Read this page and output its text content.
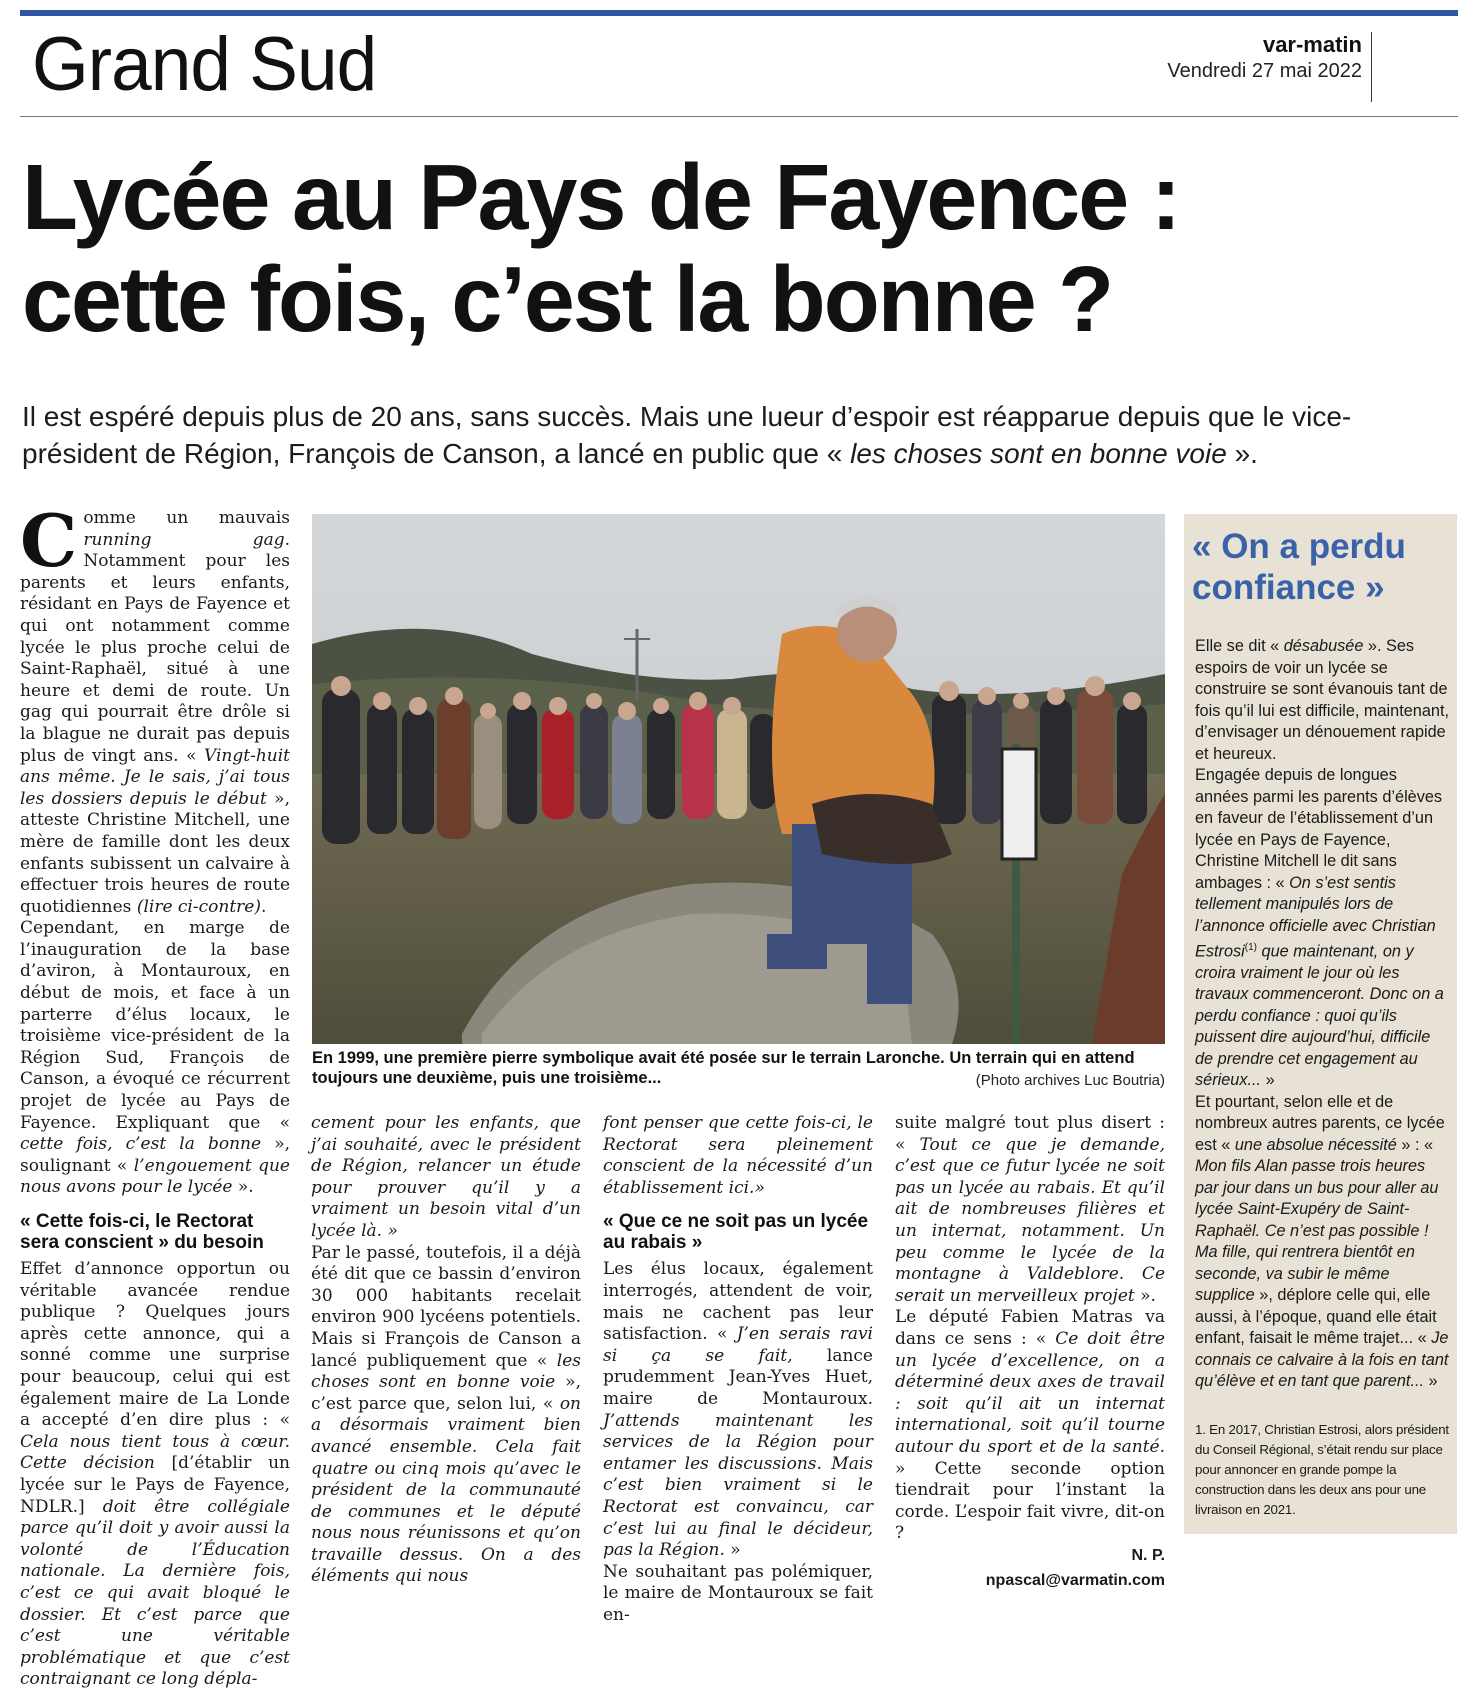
Grand Sud	var-matin
Vendredi 27 mai 2022
Lycée au Pays de Fayence :
cette fois, c’est la bonne ?
Il est espéré depuis plus de 20 ans, sans succès. Mais une lueur d’espoir est réapparue depuis que le vice-président de Région, François de Canson, a lancé en public que « les choses sont en bonne voie ».

Comme un mauvais running gag. Notamment pour les parents et leurs enfants, résidant en Pays de Fayence et qui ont notamment comme lycée le plus proche celui de Saint-Raphaël, situé à une heure et demi de route. Un gag qui pourrait être drôle si la blague ne durait pas depuis plus de vingt ans. « Vingt-huit ans même. Je le sais, j’ai tous les dossiers depuis le début », atteste Christine Mitchell, une mère de famille dont les deux enfants subissent un calvaire à effectuer trois heures de route quotidiennes (lire ci-contre).

Cependant, en marge de l’inauguration de la base d’aviron, à Montauroux, en début de mois, et face à un parterre d’élus locaux, le troisième vice-président de la Région Sud, François de Canson, a évoqué ce récurrent projet de lycée au Pays de Fayence. Expliquant que « cette fois, c’est la bonne », soulignant « l’engouement que nous avons pour le lycée ».

« Cette fois-ci, le Rectorat sera conscient » du besoin

Effet d’annonce opportun ou véritable avancée rendue publique ? Quelques jours après cette annonce, qui a sonné comme une surprise pour beaucoup, celui qui est également maire de La Londe a accepté d’en dire plus : « Cela nous tient tous à cœur. Cette décision [d’établir un lycée sur le Pays de Fayence, NDLR.] doit être collégiale parce qu’il doit y avoir aussi la volonté de l’Éducation nationale. La dernière fois, c’est ce qui avait bloqué le dossier. Et c’est parce que c’est une véritable problématique et que c’est contraignant ce long dépla-

En 1999, une première pierre symbolique avait été posée sur le terrain Laronche. Un terrain qui en attend toujours une deuxième, puis une troisième...	(Photo archives Luc Boutria)

cement pour les enfants, que j’ai souhaité, avec le président de Région, relancer un étude pour prouver qu’il y a vraiment un besoin vital d’un lycée là. »

Par le passé, toutefois, il a déjà été dit que ce bassin d’environ 30 000 habitants recelait environ 900 lycéens potentiels. Mais si François de Canson a lancé publiquement que « les choses sont en bonne voie », c’est parce que, selon lui, « on a désormais vraiment bien avancé ensemble. Cela fait quatre ou cinq mois qu’avec le président de la communauté de communes et le député nous nous réunissons et qu’on travaille dessus. On a des éléments qui nous

font penser que cette fois-ci, le Rectorat sera pleinement conscient de la nécessité d’un établissement ici.»

« Que ce ne soit pas un lycée au rabais »

Les élus locaux, également interrogés, attendent de voir, mais ne cachent pas leur satisfaction. « J’en serais ravi si ça se fait, lance prudemment Jean-Yves Huet, maire de Montauroux. J’attends maintenant les services de la Région pour entamer les discussions. Mais c’est bien vraiment si le Rectorat est convaincu, car c’est lui au final le décideur, pas la Région. »

Ne souhaitant pas polémiquer, le maire de Montauroux se fait en-

suite malgré tout plus disert : « Tout ce que je demande, c’est que ce futur lycée ne soit pas un lycée au rabais. Et qu’il ait de nombreuses filières et un internat, notamment. Un peu comme le lycée de la montagne à Valdeblore. Ce serait un merveilleux projet ».

Le député Fabien Matras va dans ce sens : « Ce doit être un lycée d’excellence, on a déterminé deux axes de travail : soit qu’il ait un internat international, soit qu’il tourne autour du sport et de la santé. » Cette seconde option tiendrait pour l’instant la corde. L’espoir fait vivre, dit-on ?

N. P.
npascal@varmatin.com
« On a perdu confiance »

Elle se dit « désabusée ». Ses espoirs de voir un lycée se construire se sont évanouis tant de fois qu’il lui est difficile, maintenant, d’envisager un dénouement rapide et heureux.

Engagée depuis de longues années parmi les parents d’élèves en faveur de l’établissement d’un lycée en Pays de Fayence, Christine Mitchell le dit sans ambages : « On s’est sentis tellement manipulés lors de l’annonce officielle avec Christian Estrosi$^{(1)}$ que maintenant, on y croira vraiment le jour où les travaux commenceront. Donc on a perdu confiance : quoi qu’ils puissent dire aujourd’hui, difficile de prendre cet engagement au sérieux... »

Et pourtant, selon elle et de nombreux autres parents, ce lycée est « une absolue nécessité » : « Mon fils Alan passe trois heures par jour dans un bus pour aller au lycée Saint-Exupéry de Saint-Raphaël. Ce n’est pas possible ! Ma fille, qui rentrera bientôt en seconde, va subir le même supplice », déplore celle qui, elle aussi, à l’époque, quand elle était enfant, faisait le même trajet... « Je connais ce calvaire à la fois en tant qu’élève et en tant que parent... »

1. En 2017, Christian Estrosi, alors président du Conseil Régional, s’était rendu sur place pour annoncer en grande pompe la construction dans les deux ans pour une livraison en 2021.
